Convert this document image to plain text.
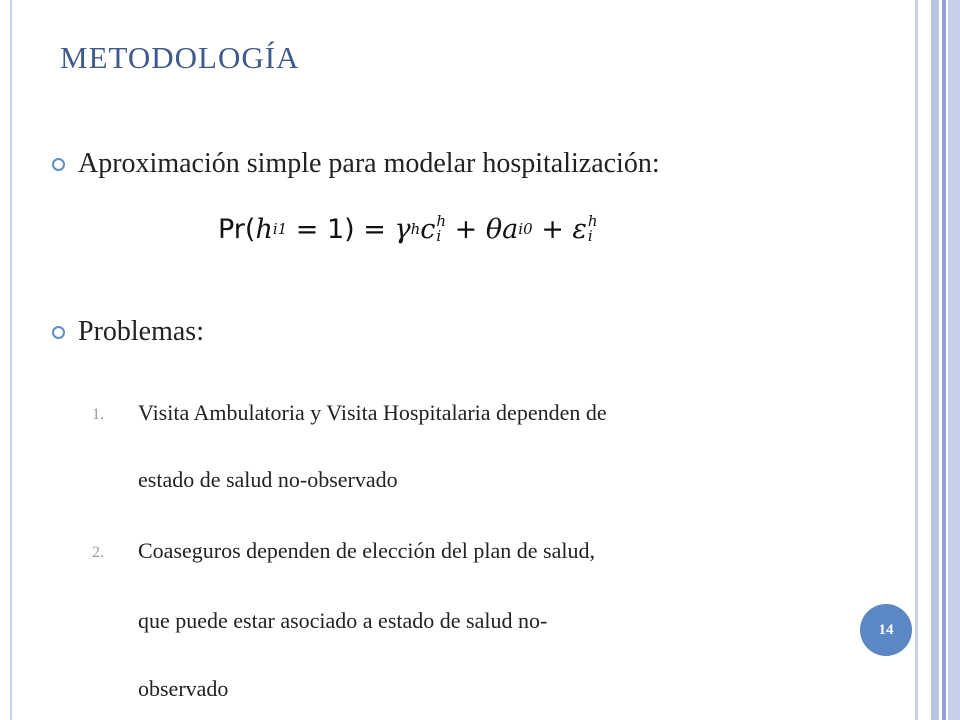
METODOLOGÍA
Aproximación simple para modelar hospitalización:
Pr( h i1 = 1) = γ h c h
i + θ a i0 + ε h
i
Problemas:
1. Visita Ambulatoria y Visita Hospitalaria dependen de
estado de salud no-observado
2. Coaseguros dependen de elección del plan de salud,
que puede estar asociado a estado de salud no-
observado
14
